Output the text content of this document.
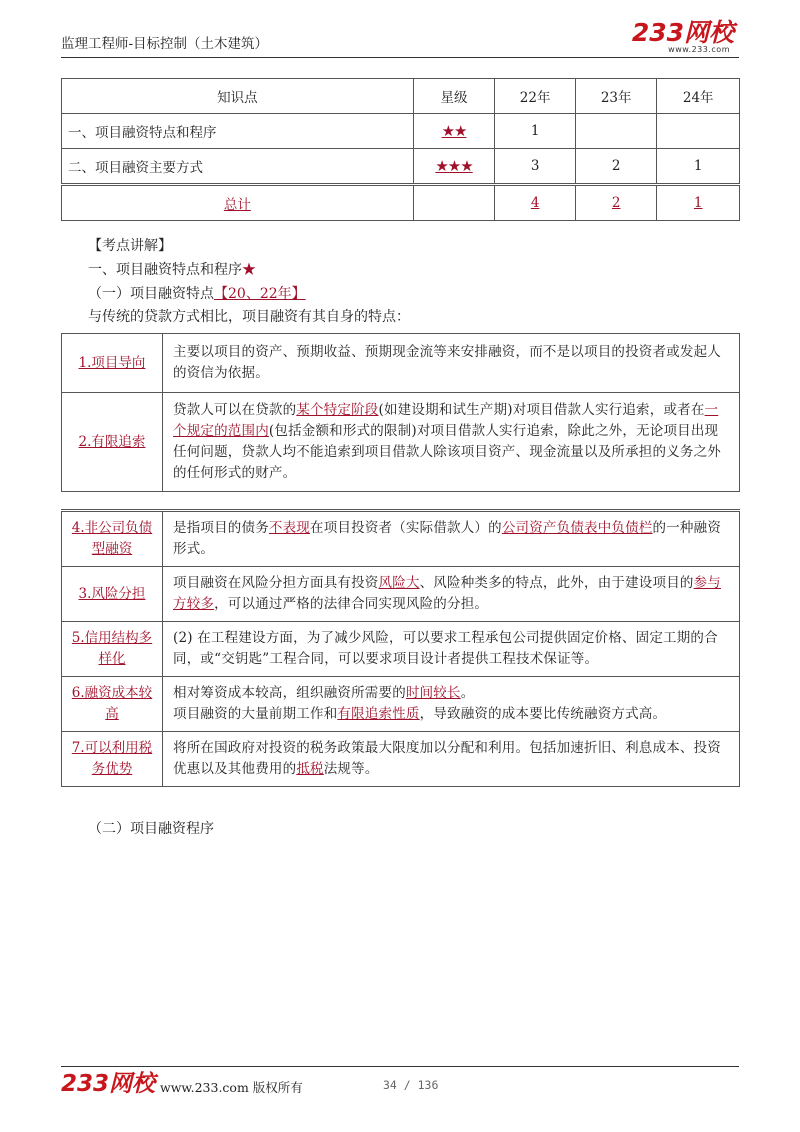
监理工程师-目标控制（土木建筑）	233网校
www.233.com
知识点	星级	22年	23年	24年
一、项目融资特点和程序	★★	1		
二、项目融资主要方式	★★★	3	2	1
总计		4	2	1
【考点讲解】
一、项目融资特点和程序★
（一）项目融资特点【20、22年】
与传统的贷款方式相比，项目融资有其自身的特点：
1.项目导向	主要以项目的资产、预期收益、预期现金流等来安排融资，而不是以项目的投资者或发起人的资信为依据。
2.有限追索	贷款人可以在贷款的某个特定阶段(如建设期和试生产期)对项目借款人实行追索，或者在一个规定的范围内(包括金额和形式的限制)对项目借款人实行追索，除此之外，无论项目出现任何问题，贷款人均不能追索到项目借款人除该项目资产、现金流量以及所承担的义务之外的任何形式的财产。
4.非公司负债型融资	是指项目的债务不表现在项目投资者（实际借款人）的公司资产负债表中负债栏的一种融资形式。
3.风险分担	项目融资在风险分担方面具有投资风险大、风险种类多的特点，此外，由于建设项目的参与方较多，可以通过严格的法律合同实现风险的分担。
5.信用结构多样化	(2) 在工程建设方面，为了减少风险，可以要求工程承包公司提供固定价格、固定工期的合同，或“交钥匙”工程合同，可以要求项目设计者提供工程技术保证等。
6.融资成本较高	相对筹资成本较高，组织融资所需要的时间较长。
项目融资的大量前期工作和有限追索性质，导致融资的成本要比传统融资方式高。

7.可以利用税务优势	将所在国政府对投资的税务政策最大限度加以分配和利用。包括加速折旧、利息成本、投资优惠以及其他费用的抵税法规等。
（二）项目融资程序
233网校 www.233.com 版权所有	34 / 136
